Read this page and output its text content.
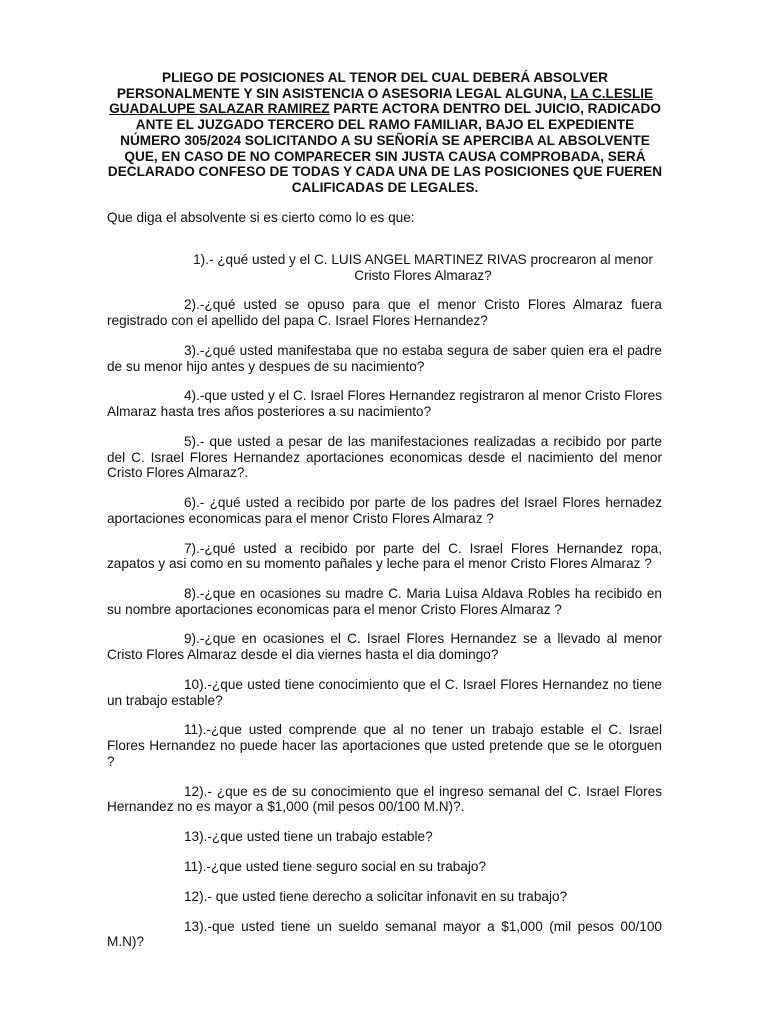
PLIEGO DE POSICIONES AL TENOR DEL CUAL DEBERÁ ABSOLVER PERSONALMENTE Y SIN ASISTENCIA O ASESORIA LEGAL ALGUNA, LA C.LESLIE GUADALUPE SALAZAR RAMIREZ PARTE ACTORA DENTRO DEL JUICIO, RADICADO ANTE EL JUZGADO TERCERO DEL RAMO FAMILIAR, BAJO EL EXPEDIENTE NÚMERO 305/2024 SOLICITANDO A SU SEÑORÍA SE APERCIBA AL ABSOLVENTE QUE, EN CASO DE NO COMPARECER SIN JUSTA CAUSA COMPROBADA, SERÁ DECLARADO CONFESO DE TODAS Y CADA UNA DE LAS POSICIONES QUE FUEREN CALIFICADAS DE LEGALES.
Que diga el absolvente si es cierto como lo es que:

1).- ¿qué usted y el C. LUIS ANGEL MARTINEZ RIVAS procrearon al menor Cristo Flores Almaraz?

2).-¿qué usted se opuso para que el menor Cristo Flores Almaraz fuera registrado con el apellido del papa C. Israel Flores Hernandez?

3).-¿qué usted manifestaba que no estaba segura de saber quien era el padre de su menor hijo antes y despues de su nacimiento?

4).-que usted y el C. Israel Flores Hernandez registraron al menor Cristo Flores Almaraz hasta tres años posteriores a su nacimiento?

5).- que usted a pesar de las manifestaciones realizadas a recibido por parte del C. Israel Flores Hernandez aportaciones economicas desde el nacimiento del menor Cristo Flores Almaraz?.

6).- ¿qué usted a recibido por parte de los padres del Israel Flores hernadez aportaciones economicas para el menor Cristo Flores Almaraz ?

7).-¿qué usted a recibido por parte del C. Israel Flores Hernandez ropa, zapatos y asi como en su momento pañales y leche para el menor Cristo Flores Almaraz ?

8).-¿que en ocasiones su madre C. Maria Luisa Aldava Robles ha recibido en su nombre aportaciones economicas para el menor Cristo Flores Almaraz ?

9).-¿que en ocasiones el C. Israel Flores Hernandez se a llevado al menor Cristo Flores Almaraz desde el dia viernes hasta el dia domingo?

10).-¿que usted tiene conocimiento que el C. Israel Flores Hernandez no tiene un trabajo estable?

11).-¿que usted comprende que al no tener un trabajo estable el C. Israel Flores Hernandez no puede hacer las aportaciones que usted pretende que se le otorguen ?

12).- ¿que es de su conocimiento que el ingreso semanal del C. Israel Flores Hernandez no es mayor a $1,000 (mil pesos 00/100 M.N)?.

13).-¿que usted tiene un trabajo estable?

11).-¿que usted tiene seguro social en su trabajo?

12).- que usted tiene derecho a solicitar infonavit en su trabajo?

13).-que usted tiene un sueldo semanal mayor a $1,000 (mil pesos 00/100 M.N)?
